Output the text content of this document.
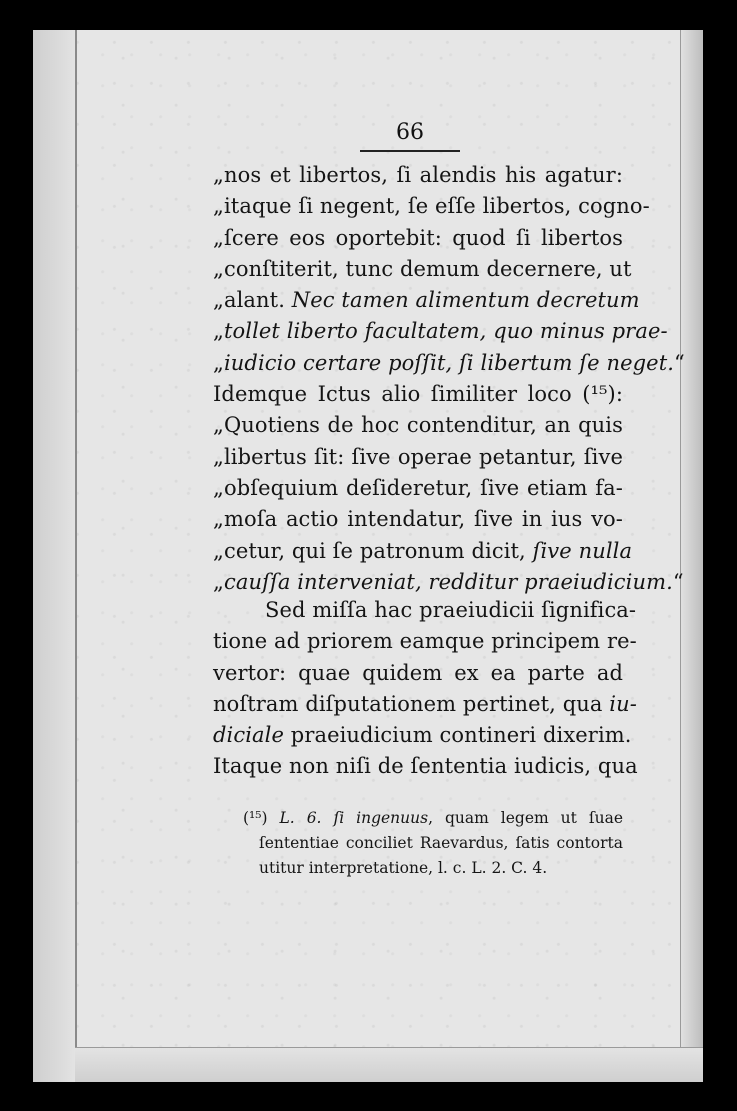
66
„nos et libertos, ſi alendis his agatur:
„itaque ſi negent, ſe eſſe libertos, cogno-
„ſcere eos oportebit: quod ſi libertos
„conſtiterit, tunc demum decernere, ut
„alant. Nec tamen alimentum decretum
„tollet liberto facultatem, quo minus prae-
„iudicio certare poſſit, ſi libertum ſe neget.“
Idemque Ictus alio ſimiliter loco (¹⁵):
„Quotiens de hoc contenditur, an quis
„libertus ſit: ſive operae petantur, ſive
„obſequium deſideretur, ſive etiam fa-
„moſa actio intendatur, ſive in ius vo-
„cetur, qui ſe patronum dicit, ſive nulla
„cauſſa interveniat, redditur praeiudicium.“
Sed miſſa hac praeiudicii ſignifica-
tione ad priorem eamque principem re-
vertor: quae quidem ex ea parte ad
noſtram diſputationem pertinet, qua iu-
diciale praeiudicium contineri dixerim.
Itaque non niſi de ſententia iudicis, qua
(¹⁵) L. 6. ſi ingenuus, quam legem ut ſuae
ſententiae conciliet Raevardus, ſatis contorta
utitur interpretatione, l. c. L. 2. C. 4.
